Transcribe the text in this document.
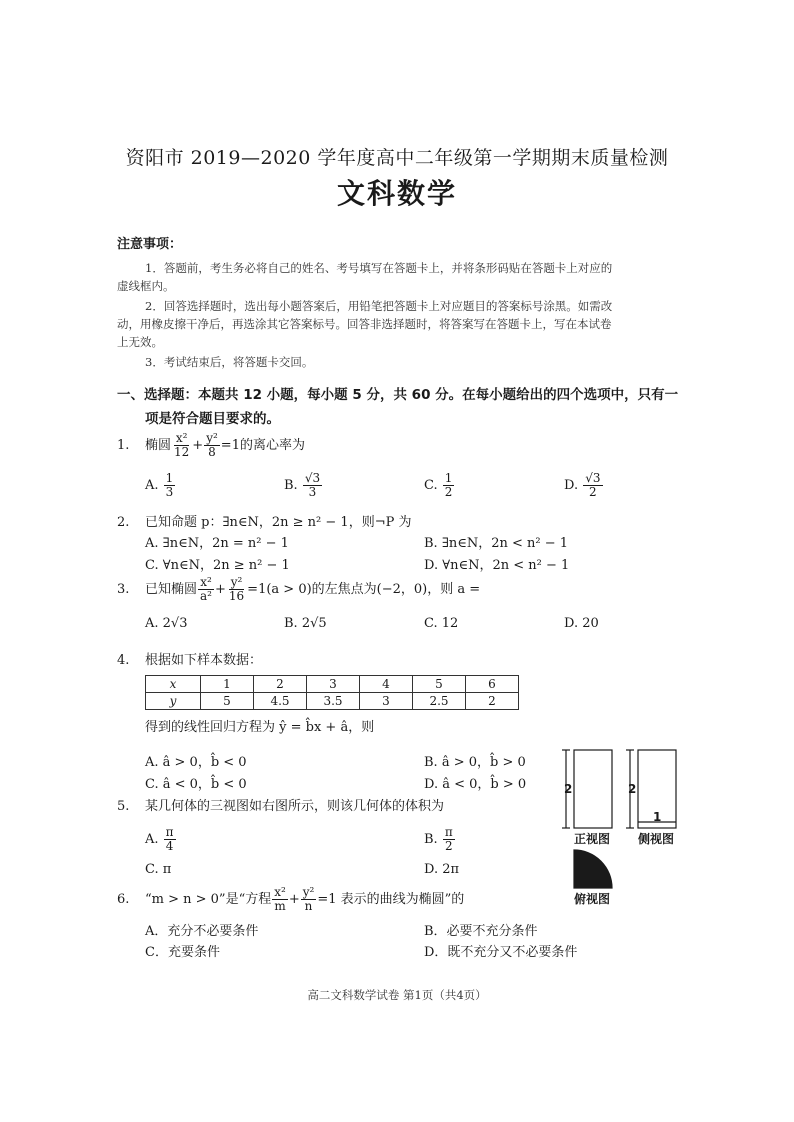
资阳市 2019—2020 学年度高中二年级第一学期期末质量检测
文科数学
注意事项：
1．答题前，考生务必将自己的姓名、考号填写在答题卡上，并将条形码贴在答题卡上对应的
虚线框内。
2．回答选择题时，选出每小题答案后，用铅笔把答题卡上对应题目的答案标号涂黑。如需改
动，用橡皮擦干净后，再选涂其它答案标号。回答非选择题时，将答案写在答题卡上，写在本试卷
上无效。
3．考试结束后，将答题卡交回。
一、选择题：本题共 12 小题，每小题 5 分，共 60 分。在每小题给出的四个选项中，只有一
项是符合题目要求的。
1. 椭圆 $\frac{\text{x²}}{12} + \frac{\text{y²}}{8} =1$的离心率为
A. $\frac{1}{3}$	B. $\frac{√3}{3}$	C. $\frac{1}{2}$	D. $\frac{√3}{2}$
2. 已知命题 p：∃n∈N，2n ≥ n² − 1，则¬P 为
A. ∃n∈N，2n = n² − 1	B. ∃n∈N，2n < n² − 1
C. ∀n∈N，2n ≥ n² − 1	D. ∀n∈N，2n < n² − 1
3. 已知椭圆 $\frac{\text{x²}}{\text{a²}} + \frac{\text{y²}}{16} =1(a > 0)$的左焦点为(−2，0)，则 a =
A. 2√3	B. 2√5	C. 12	D. 20
4. 根据如下样本数据：
x	1	2	3	4	5	6
y	5	4.5	3.5	3	2.5	2
得到的线性回归方程为 ŷ = b̂x + â，则
A. â > 0，b̂ < 0	B. â > 0，b̂ > 0
C. â < 0，b̂ < 0	D. â < 0，b̂ > 0
5. 某几何体的三视图如右图所示，则该几何体的体积为
A. $\frac{\pi}{4}$	B. $\frac{\pi}{2}$
C. π	D. 2π
2	2
1
正视图 侧视图
俯视图
6. “m > n > 0”是“方程 $\frac{\text{x²}}{m} + \frac{\text{y²}}{n} =1$ 表示的曲线为椭圆”的
A．充分不必要条件	B．必要不充分条件
C．充要条件	D．既不充分又不必要条件
高二文科数学试卷 第1页（共4页）
